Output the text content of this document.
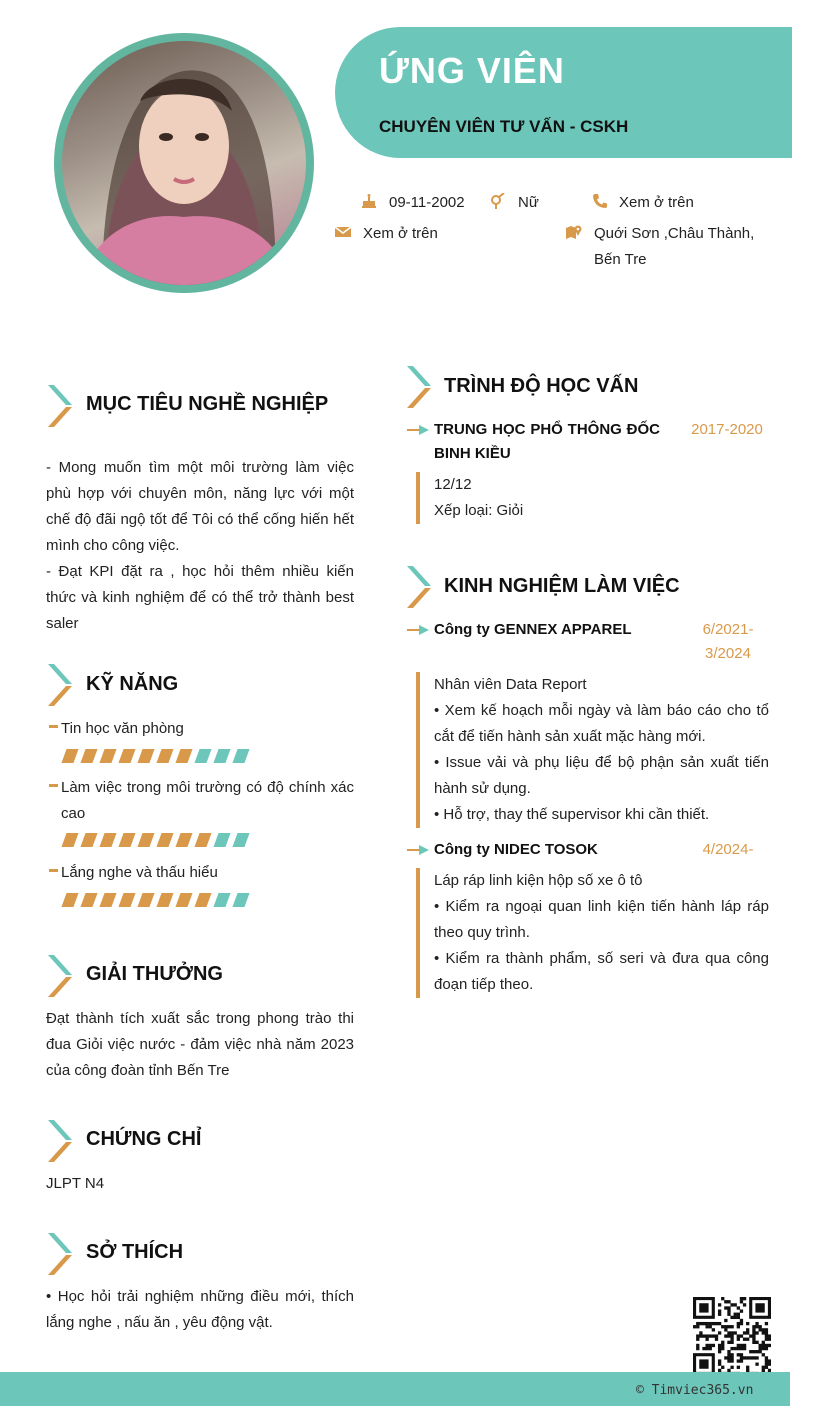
ỨNG VIÊN
CHUYÊN VIÊN TƯ VẤN - CSKH
09-11-2002	Nữ	Xem ở trên
Xem ở trên	Quới Sơn ,Châu Thành, Bến Tre
MỤC TIÊU NGHỀ NGHIỆP
- Mong muốn tìm một môi trường làm việc phù hợp với chuyên môn, năng lực với một chế độ đãi ngộ tốt để Tôi có thể cống hiến hết mình cho công việc.
- Đạt KPI đặt ra , học hỏi thêm nhiều kiến thức và kinh nghiệm để có thể trở thành best saler
KỸ NĂNG
Tin học văn phòng
Làm việc trong môi trường có độ chính xác cao
Lắng nghe và thấu hiểu
GIẢI THƯỞNG
Đạt thành tích xuất sắc trong phong trào thi đua Giỏi việc nước - đảm việc nhà năm 2023 của công đoàn tỉnh Bến Tre
CHỨNG CHỈ
JLPT N4
SỞ THÍCH
• Học hỏi trải nghiệm những điều mới, thích lắng nghe , nấu ăn , yêu động vật.
TRÌNH ĐỘ HỌC VẤN
TRUNG HỌC PHỔ THÔNG ĐỐC BINH KIỀU
2017-2020
12/12
Xếp loại: Giỏi
KINH NGHIỆM LÀM VIỆC
Công ty GENNEX APPAREL	6/2021-3/2024
Nhân viên Data Report
• Xem kế hoạch mỗi ngày và làm báo cáo cho tổ cắt để tiến hành sản xuất mặc hàng mới.
• Issue vải và phụ liệu để bộ phận sản xuất tiến hành sử dụng.
• Hỗ trợ, thay thế supervisor khi cần thiết.
Công ty NIDEC TOSOK	4/2024-
Láp ráp linh kiện hộp số xe ô tô
• Kiểm ra ngoại quan linh kiện tiến hành láp ráp theo quy trình.
• Kiểm ra thành phẩm, số seri và đưa qua công đoạn tiếp theo.
© Timviec365.vn
